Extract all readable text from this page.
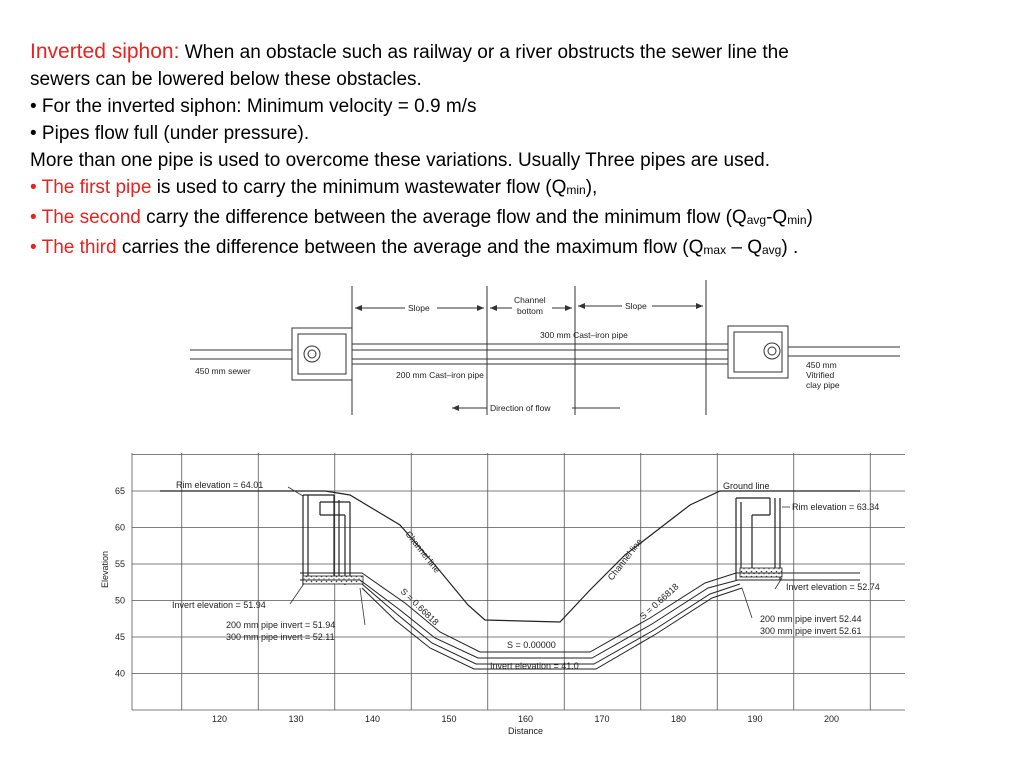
Inverted siphon: When an obstacle such as railway or a river obstructs the sewer line the
sewers can be lowered below these obstacles.
• For the inverted siphon: Minimum velocity = 0.9 m/s
• Pipes flow full (under pressure).
More than one pipe is used to overcome these variations. Usually Three pipes are used.
• The first pipe is used to carry the minimum wastewater flow $(Q_{min})$,
• The second carry the difference between the average flow and the minimum flow $(Q_{avg}-Q_{min})$
• The third carries the difference between the average and the maximum flow $(Q_{max} - Q_{avg})$ .
Slope
Channel
bottom	Slope
300 mm Cast–iron pipe
450 mm sewer	200 mm Cast–iron pipe
450 mm
Vitrified
clay pipe
Direction of flow
Rim elevation = 64.01	Ground line
Rim elevation = 63.34
Channel line	Channel line
S = 0.66818	S = 0.66818
S = 0.00000
Invert elevation = 41.0
Invert elevation = 51.94
200 mm pipe invert = 51.94
300 mm pipe invert = 52.11
Invert elevation = 52.74
200 mm pipe invert 52.44
300 mm pipe invert 52.61
Elevation
Distance
65
60
55
50
45
40
120	130	140	150	160	170	180	190	200
